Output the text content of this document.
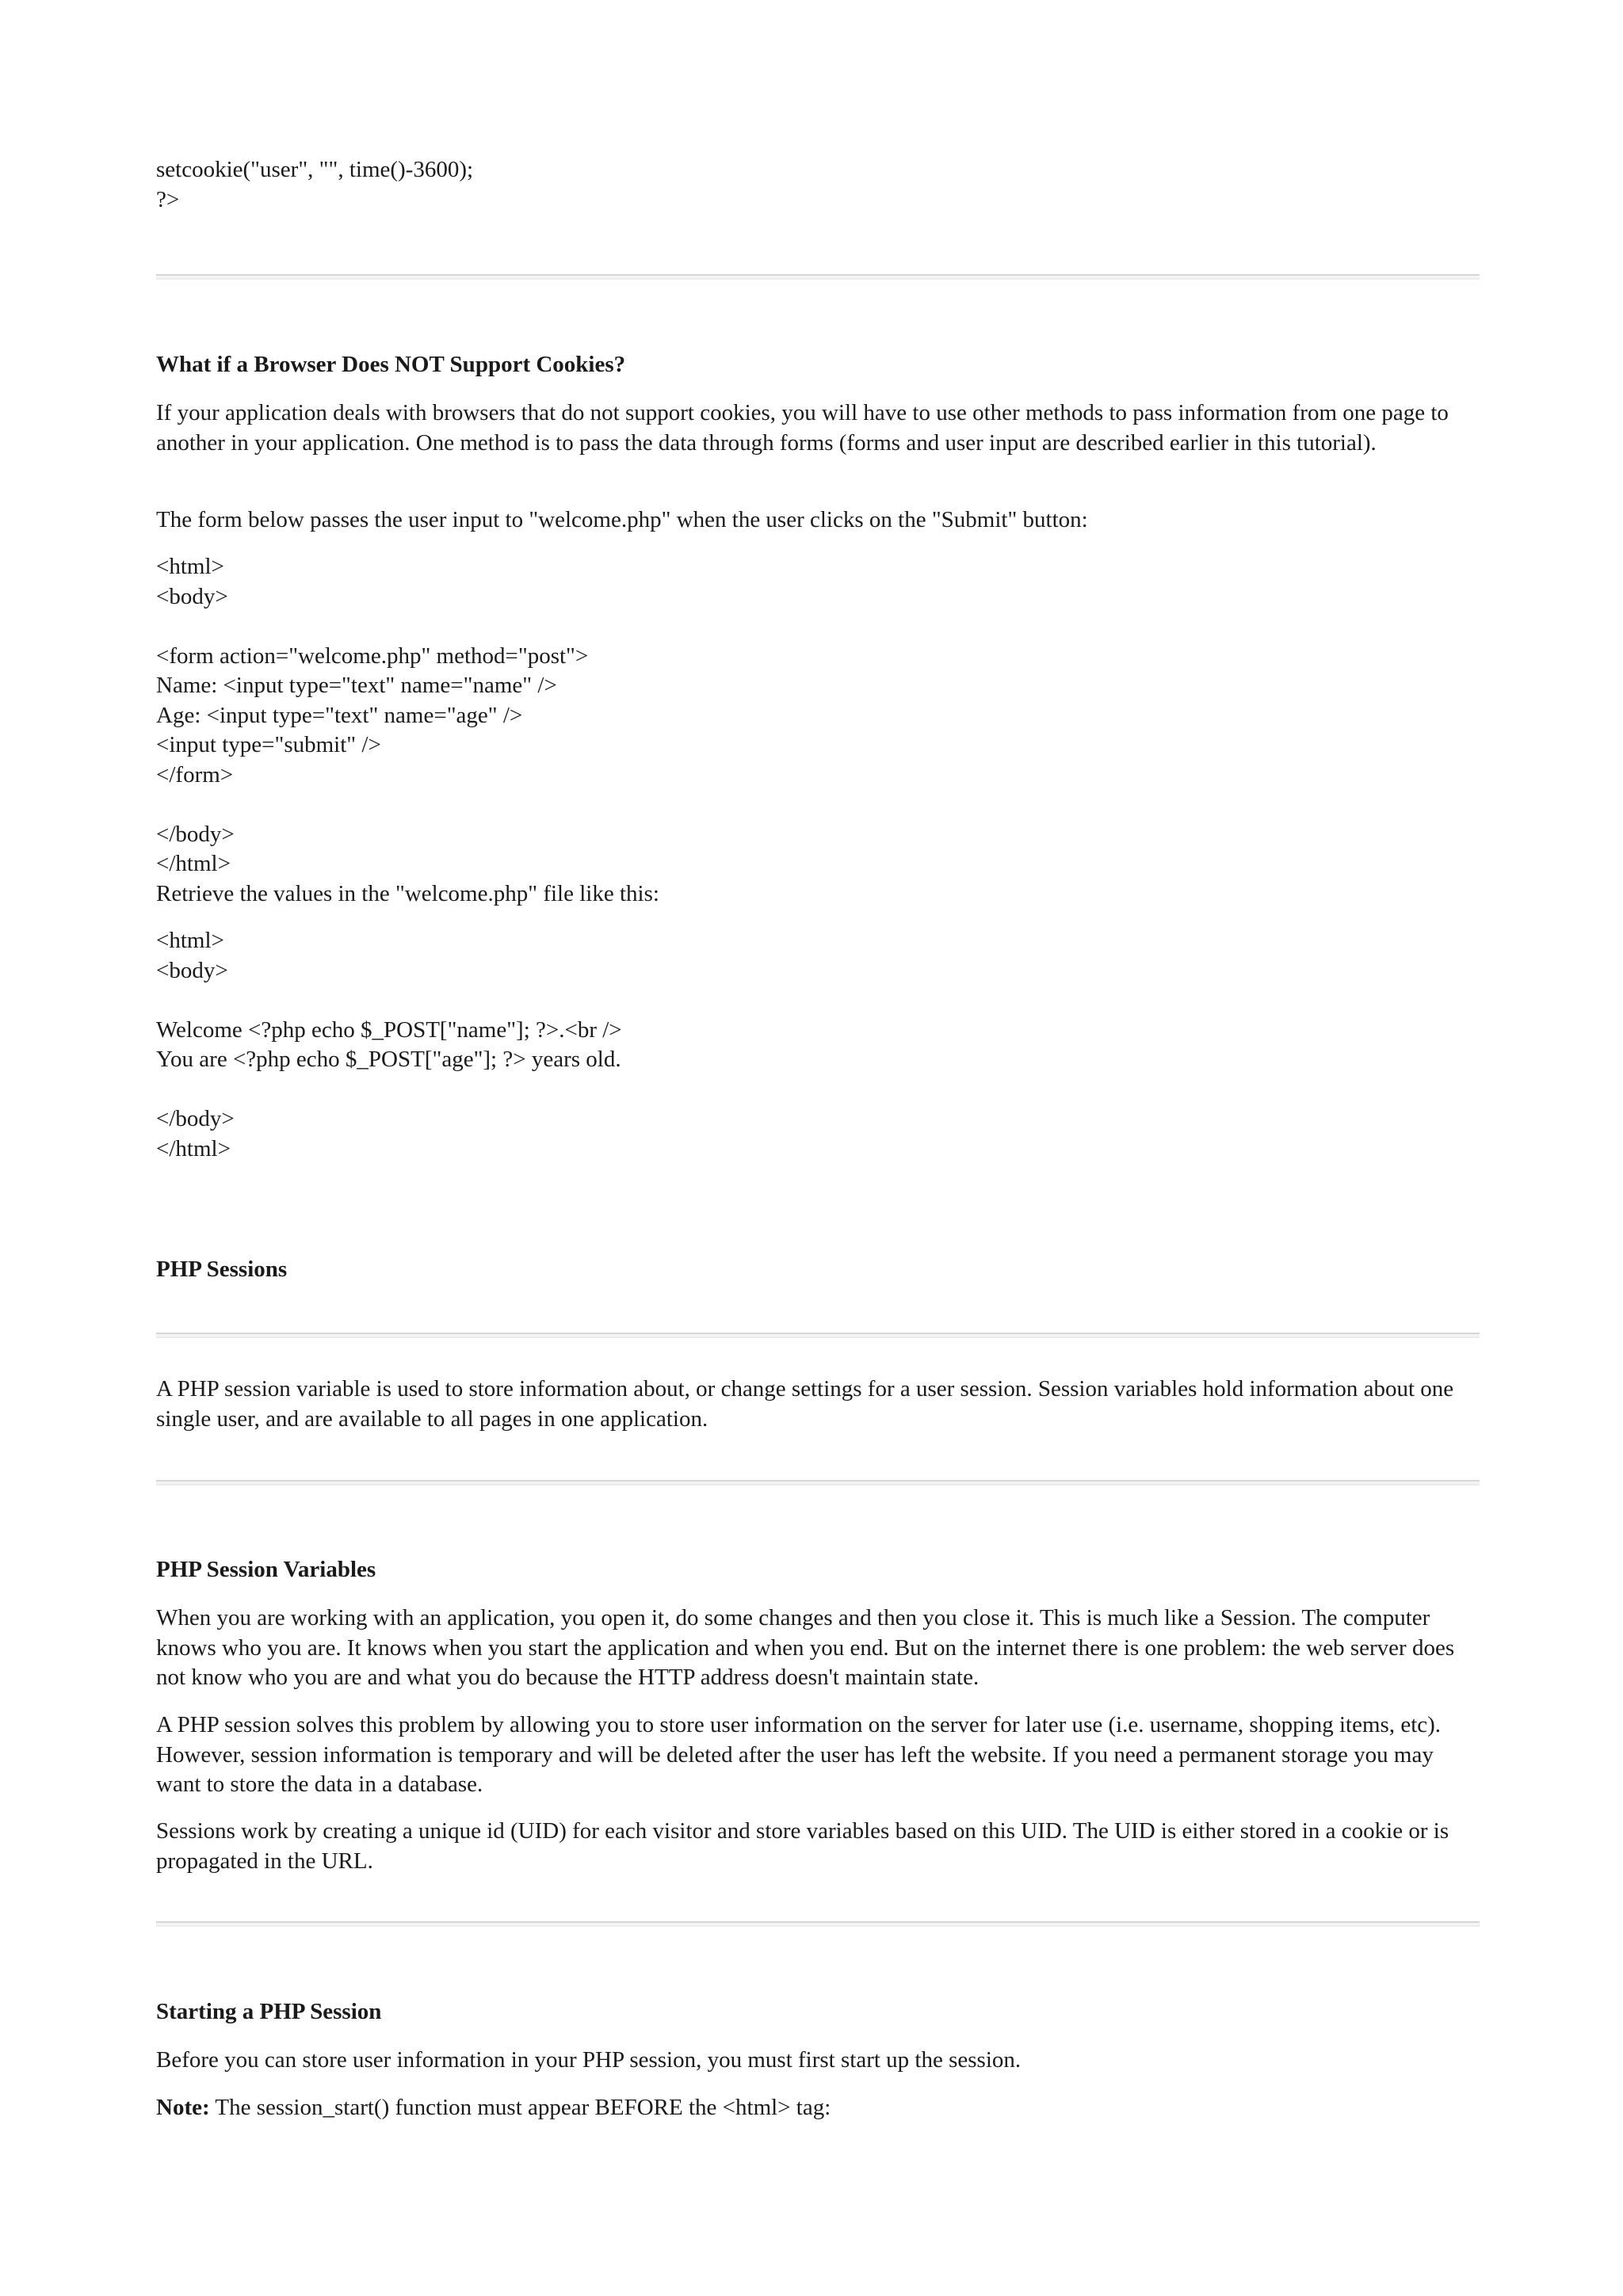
setcookie("user", "", time()-3600);
?>
What if a Browser Does NOT Support Cookies?
If your application deals with browsers that do not support cookies, you will have to use other methods to pass information from one page to another in your application. One method is to pass the data through forms (forms and user input are described earlier in this tutorial).
The form below passes the user input to "welcome.php" when the user clicks on the "Submit" button:
<html>
<body>

<form action="welcome.php" method="post">
Name: <input type="text" name="name" />
Age: <input type="text" name="age" />
<input type="submit" />
</form>

</body>
</html>
Retrieve the values in the "welcome.php" file like this:
<html>
<body>

Welcome <?php echo $_POST["name"]; ?>.<br />
You are <?php echo $_POST["age"]; ?> years old.

</body>
</html>
PHP Sessions
A PHP session variable is used to store information about, or change settings for a user session. Session variables hold information about one single user, and are available to all pages in one application.
PHP Session Variables
When you are working with an application, you open it, do some changes and then you close it. This is much like a Session. The computer knows who you are. It knows when you start the application and when you end. But on the internet there is one problem: the web server does not know who you are and what you do because the HTTP address doesn't maintain state.
A PHP session solves this problem by allowing you to store user information on the server for later use (i.e. username, shopping items, etc). However, session information is temporary and will be deleted after the user has left the website. If you need a permanent storage you may want to store the data in a database.
Sessions work by creating a unique id (UID) for each visitor and store variables based on this UID. The UID is either stored in a cookie or is propagated in the URL.
Starting a PHP Session
Before you can store user information in your PHP session, you must first start up the session.
Note: The session_start() function must appear BEFORE the <html> tag:
